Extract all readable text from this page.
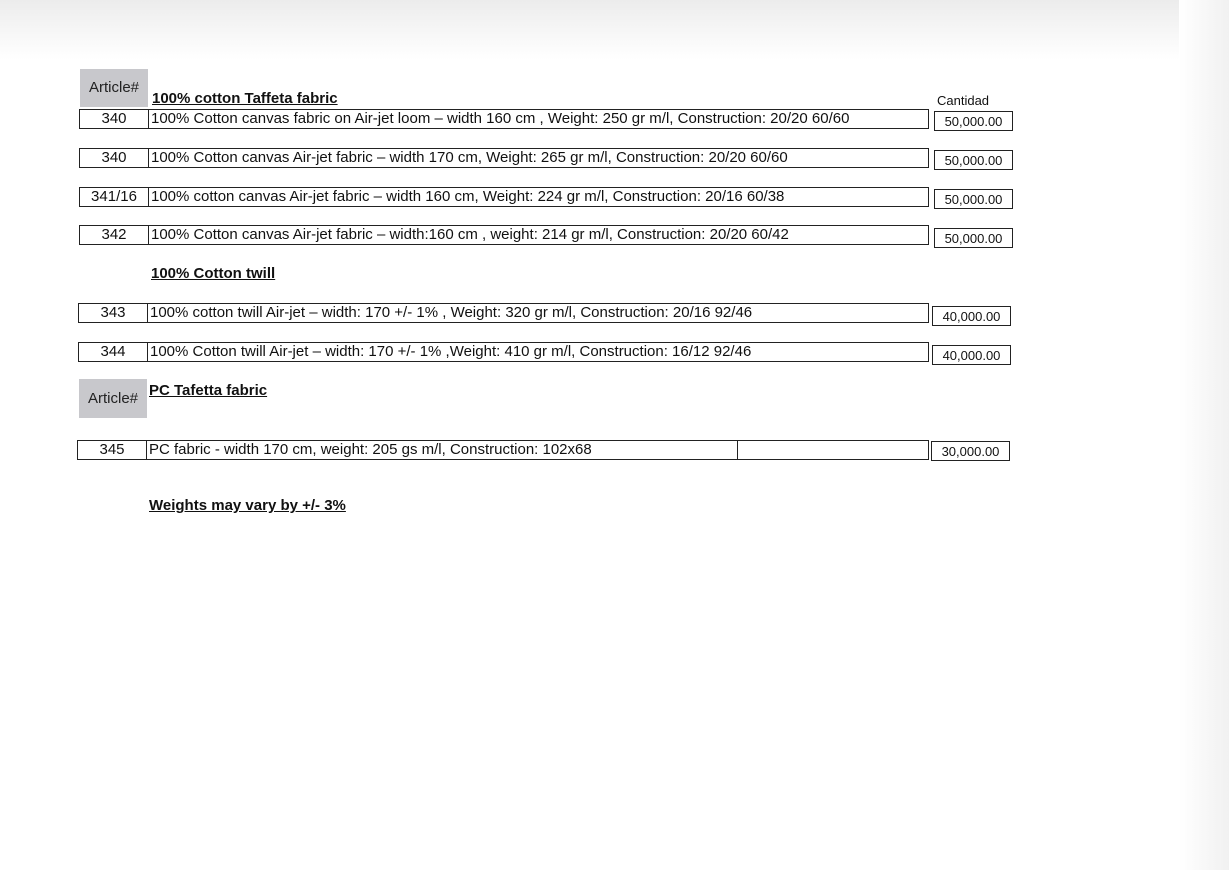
Article#
100% cotton Taffeta fabric	Cantidad
340	100% Cotton canvas fabric on Air-jet loom – width 160 cm , Weight: 250 gr m/l, Construction: 20/20 60/60	50,000.00
340	100% Cotton canvas Air-jet fabric – width 170 cm, Weight: 265 gr m/l, Construction: 20/20 60/60	50,000.00
341/16 100% cotton canvas Air-jet fabric – width 160 cm, Weight: 224 gr m/l, Construction: 20/16 60/38	50,000.00
342	100% Cotton canvas Air-jet fabric – width:160 cm , weight: 214 gr m/l, Construction: 20/20 60/42	50,000.00
100% Cotton twill
343	100% cotton twill Air-jet – width: 170 +/- 1% , Weight: 320 gr m/l, Construction: 20/16 92/46	40,000.00
344	100% Cotton twill Air-jet – width: 170 +/- 1% ,Weight: 410 gr m/l, Construction: 16/12 92/46	40,000.00
Article# PC Tafetta fabric
345	PC fabric - width 170 cm, weight: 205 gs m/l, Construction: 102x68	30,000.00
Weights may vary by +/- 3%
